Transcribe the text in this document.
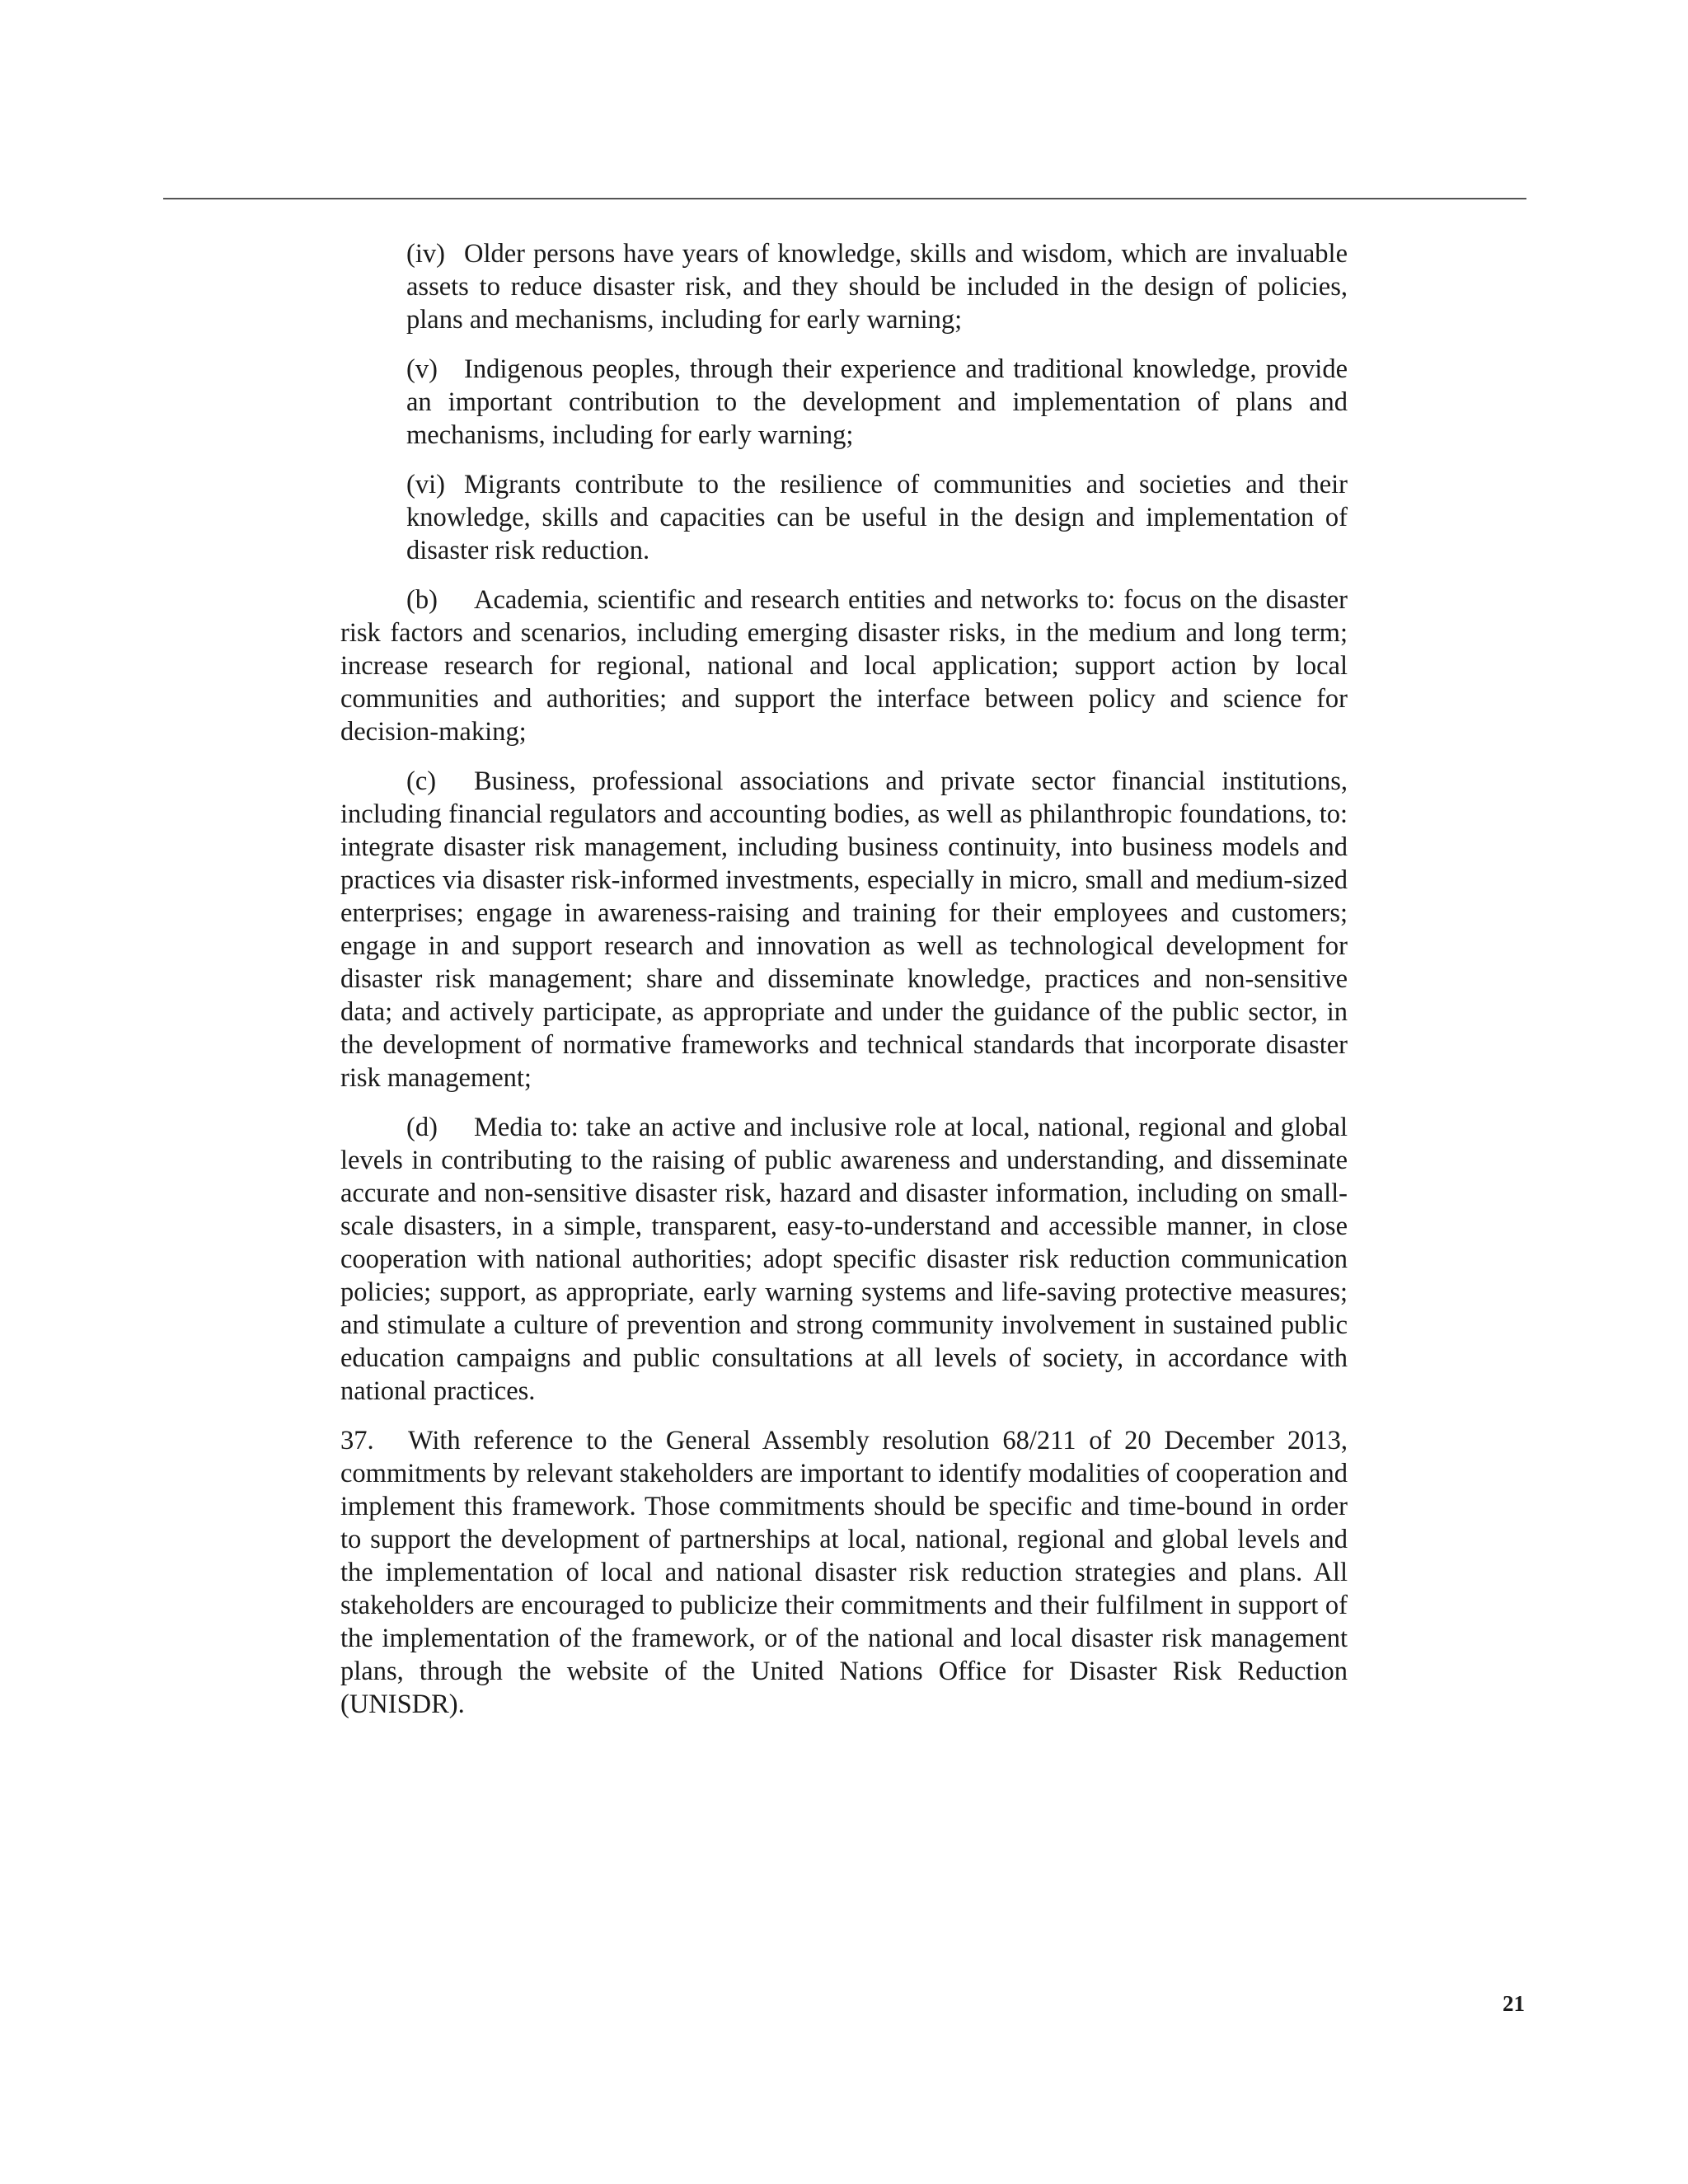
(iv) Older persons have years of knowledge, skills and wisdom, which are invaluable assets to reduce disaster risk, and they should be included in the design of policies, plans and mechanisms, including for early warning;

(v) Indigenous peoples, through their experience and traditional knowledge, provide an important contribution to the development and implementation of plans and mechanisms, including for early warning;

(vi) Migrants contribute to the resilience of communities and societies and their knowledge, skills and capacities can be useful in the design and implementation of disaster risk reduction.

(b) Academia, scientific and research entities and networks to: focus on the disaster risk factors and scenarios, including emerging disaster risks, in the medium and long term; increase research for regional, national and local application; support action by local communities and authorities; and support the interface between policy and science for decision-making;

(c) Business, professional associations and private sector financial institutions, including financial regulators and accounting bodies, as well as philanthropic foundations, to: integrate disaster risk management, including business continuity, into business models and practices via disaster risk-informed investments, especially in micro, small and medium-sized enterprises; engage in awareness-raising and training for their employees and customers; engage in and support research and innovation as well as technological development for disaster risk management; share and disseminate knowledge, practices and non-sensitive data; and actively participate, as appropriate and under the guidance of the public sector, in the development of normative frameworks and technical standards that incorporate disaster risk management;

(d) Media to: take an active and inclusive role at local, national, regional and global levels in contributing to the raising of public awareness and understanding, and disseminate accurate and non-sensitive disaster risk, hazard and disaster information, including on small-scale disasters, in a simple, transparent, easy-to-understand and accessible manner, in close cooperation with national authorities; adopt specific disaster risk reduction communication policies; support, as appropriate, early warning systems and life-saving protective measures; and stimulate a culture of prevention and strong community involvement in sustained public education campaigns and public consultations at all levels of society, in accordance with national practices.

37. With reference to the General Assembly resolution 68/211 of 20 December 2013, commitments by relevant stakeholders are important to identify modalities of cooperation and implement this framework. Those commitments should be specific and time-bound in order to support the development of partnerships at local, national, regional and global levels and the implementation of local and national disaster risk reduction strategies and plans. All stakeholders are encouraged to publicize their commitments and their fulfilment in support of the implementation of the framework, or of the national and local disaster risk management plans, through the website of the United Nations Office for Disaster Risk Reduction (UNISDR).

21
